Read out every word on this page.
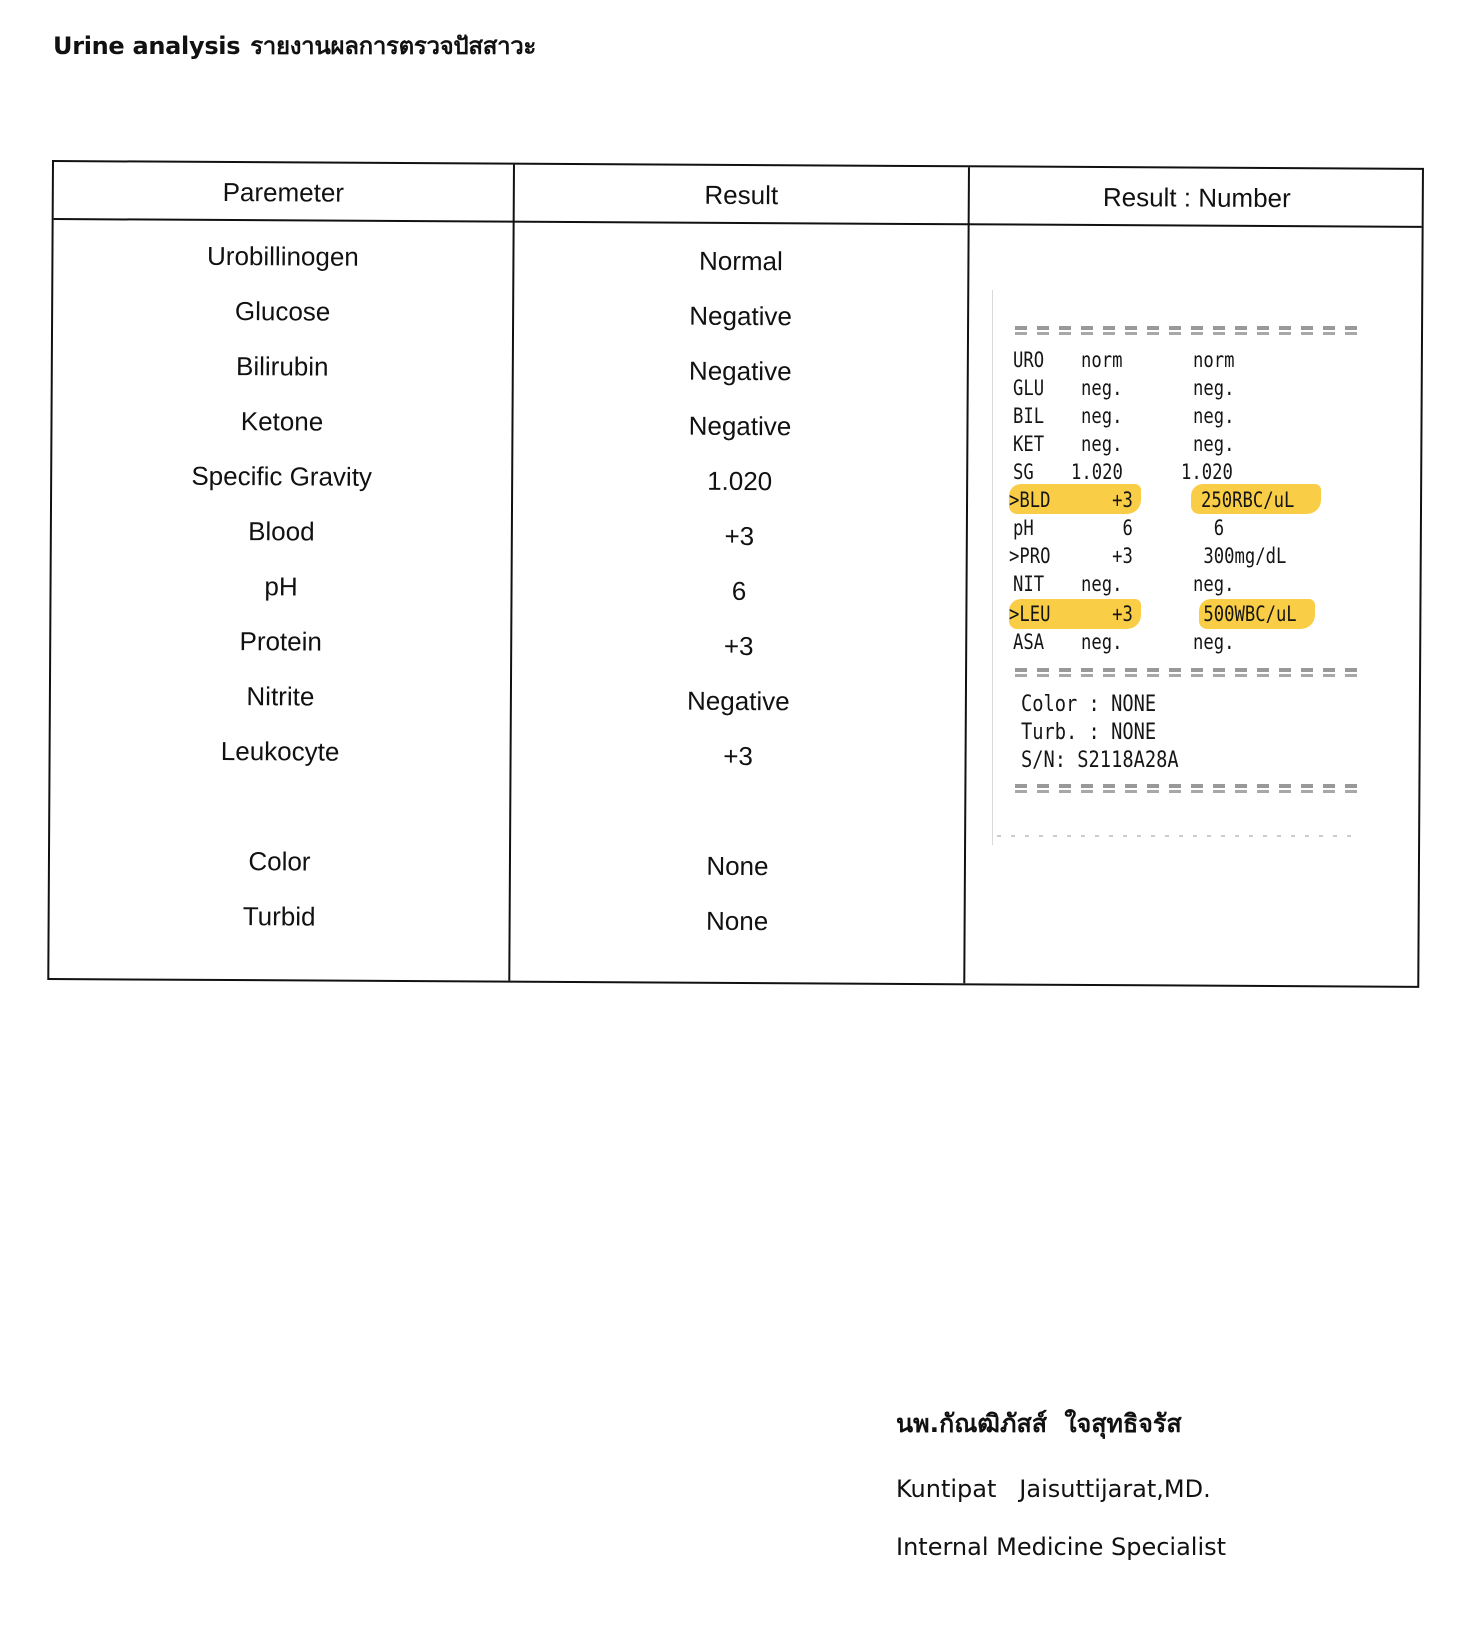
Urine analysis รายงานผลการตรวจปัสสาวะ
Paremeter	Result	Result : Number
Urobillinogen	Normal
Glucose	Negative
Bilirubin	Negative
Ketone	Negative
Specific Gravity	1.020
Blood	+3
pH	6
Protein	+3
Nitrite	Negative
Leukocyte	+3
Color	None
Turbid	None
URO norm	norm
GLU neg.	neg.
BIL neg.	neg.
KET neg.	neg.
SG 1.020	1.020
>BLD +3	250RBC/uL
pH 6	6
>PRO +3	300mg/dL
NIT neg.	neg.
>LEU +3	500WBC/uL
ASA neg.	neg.
Color : NONE
Turb. : NONE
S/N: S2118A28A
นพ.กัณฒิภัสส์  ใจสุทธิจรัส
Kuntipat   Jaisuttijarat,MD.
Internal Medicine Specialist
